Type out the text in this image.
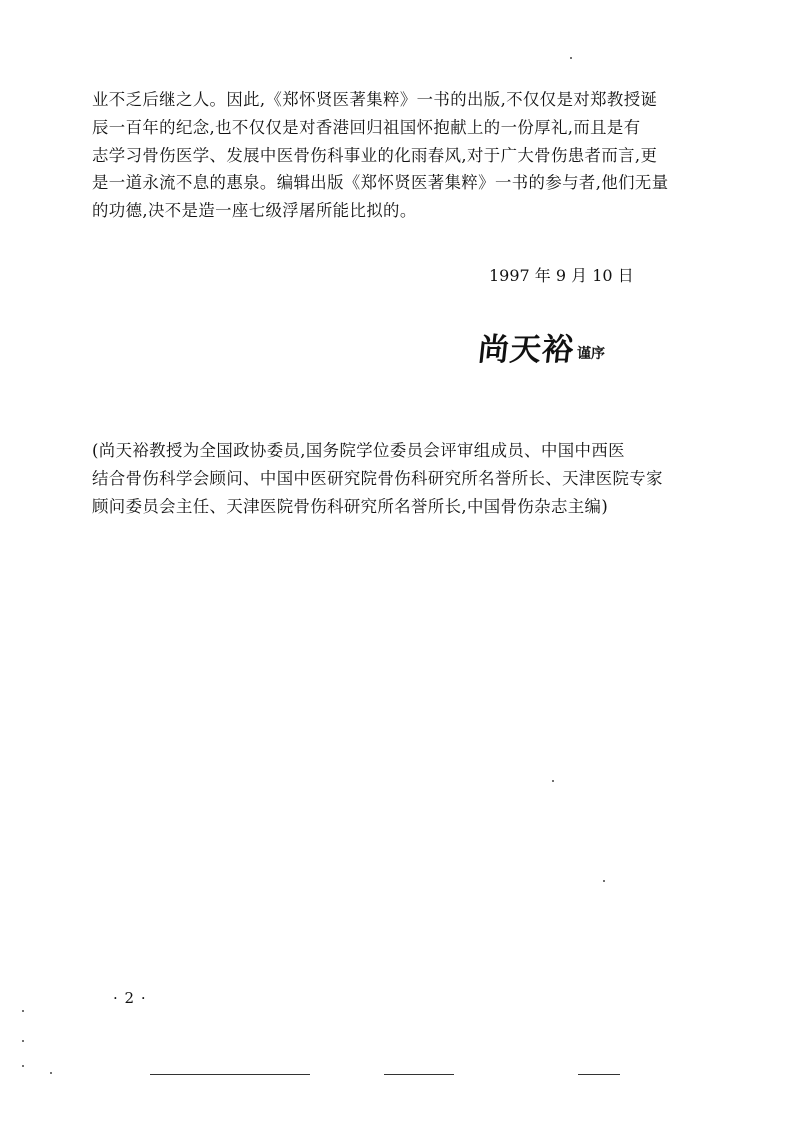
业不乏后继之人。因此,《郑怀贤医著集粹》一书的出版,不仅仅是对郑教授诞
辰一百年的纪念,也不仅仅是对香港回归祖国怀抱献上的一份厚礼,而且是有
志学习骨伤医学、发展中医骨伤科事业的化雨春风,对于广大骨伤患者而言,更
是一道永流不息的惠泉。编辑出版《郑怀贤医著集粹》一书的参与者,他们无量
的功德,决不是造一座七级浮屠所能比拟的。
1997 年 9 月 10 日
尚天裕谨序
(尚天裕教授为全国政协委员,国务院学位委员会评审组成员、中国中西医
结合骨伤科学会顾问、中国中医研究院骨伤科研究所名誉所长、天津医院专家
顾问委员会主任、天津医院骨伤科研究所名誉所长,中国骨伤杂志主编)
· 2 ·
